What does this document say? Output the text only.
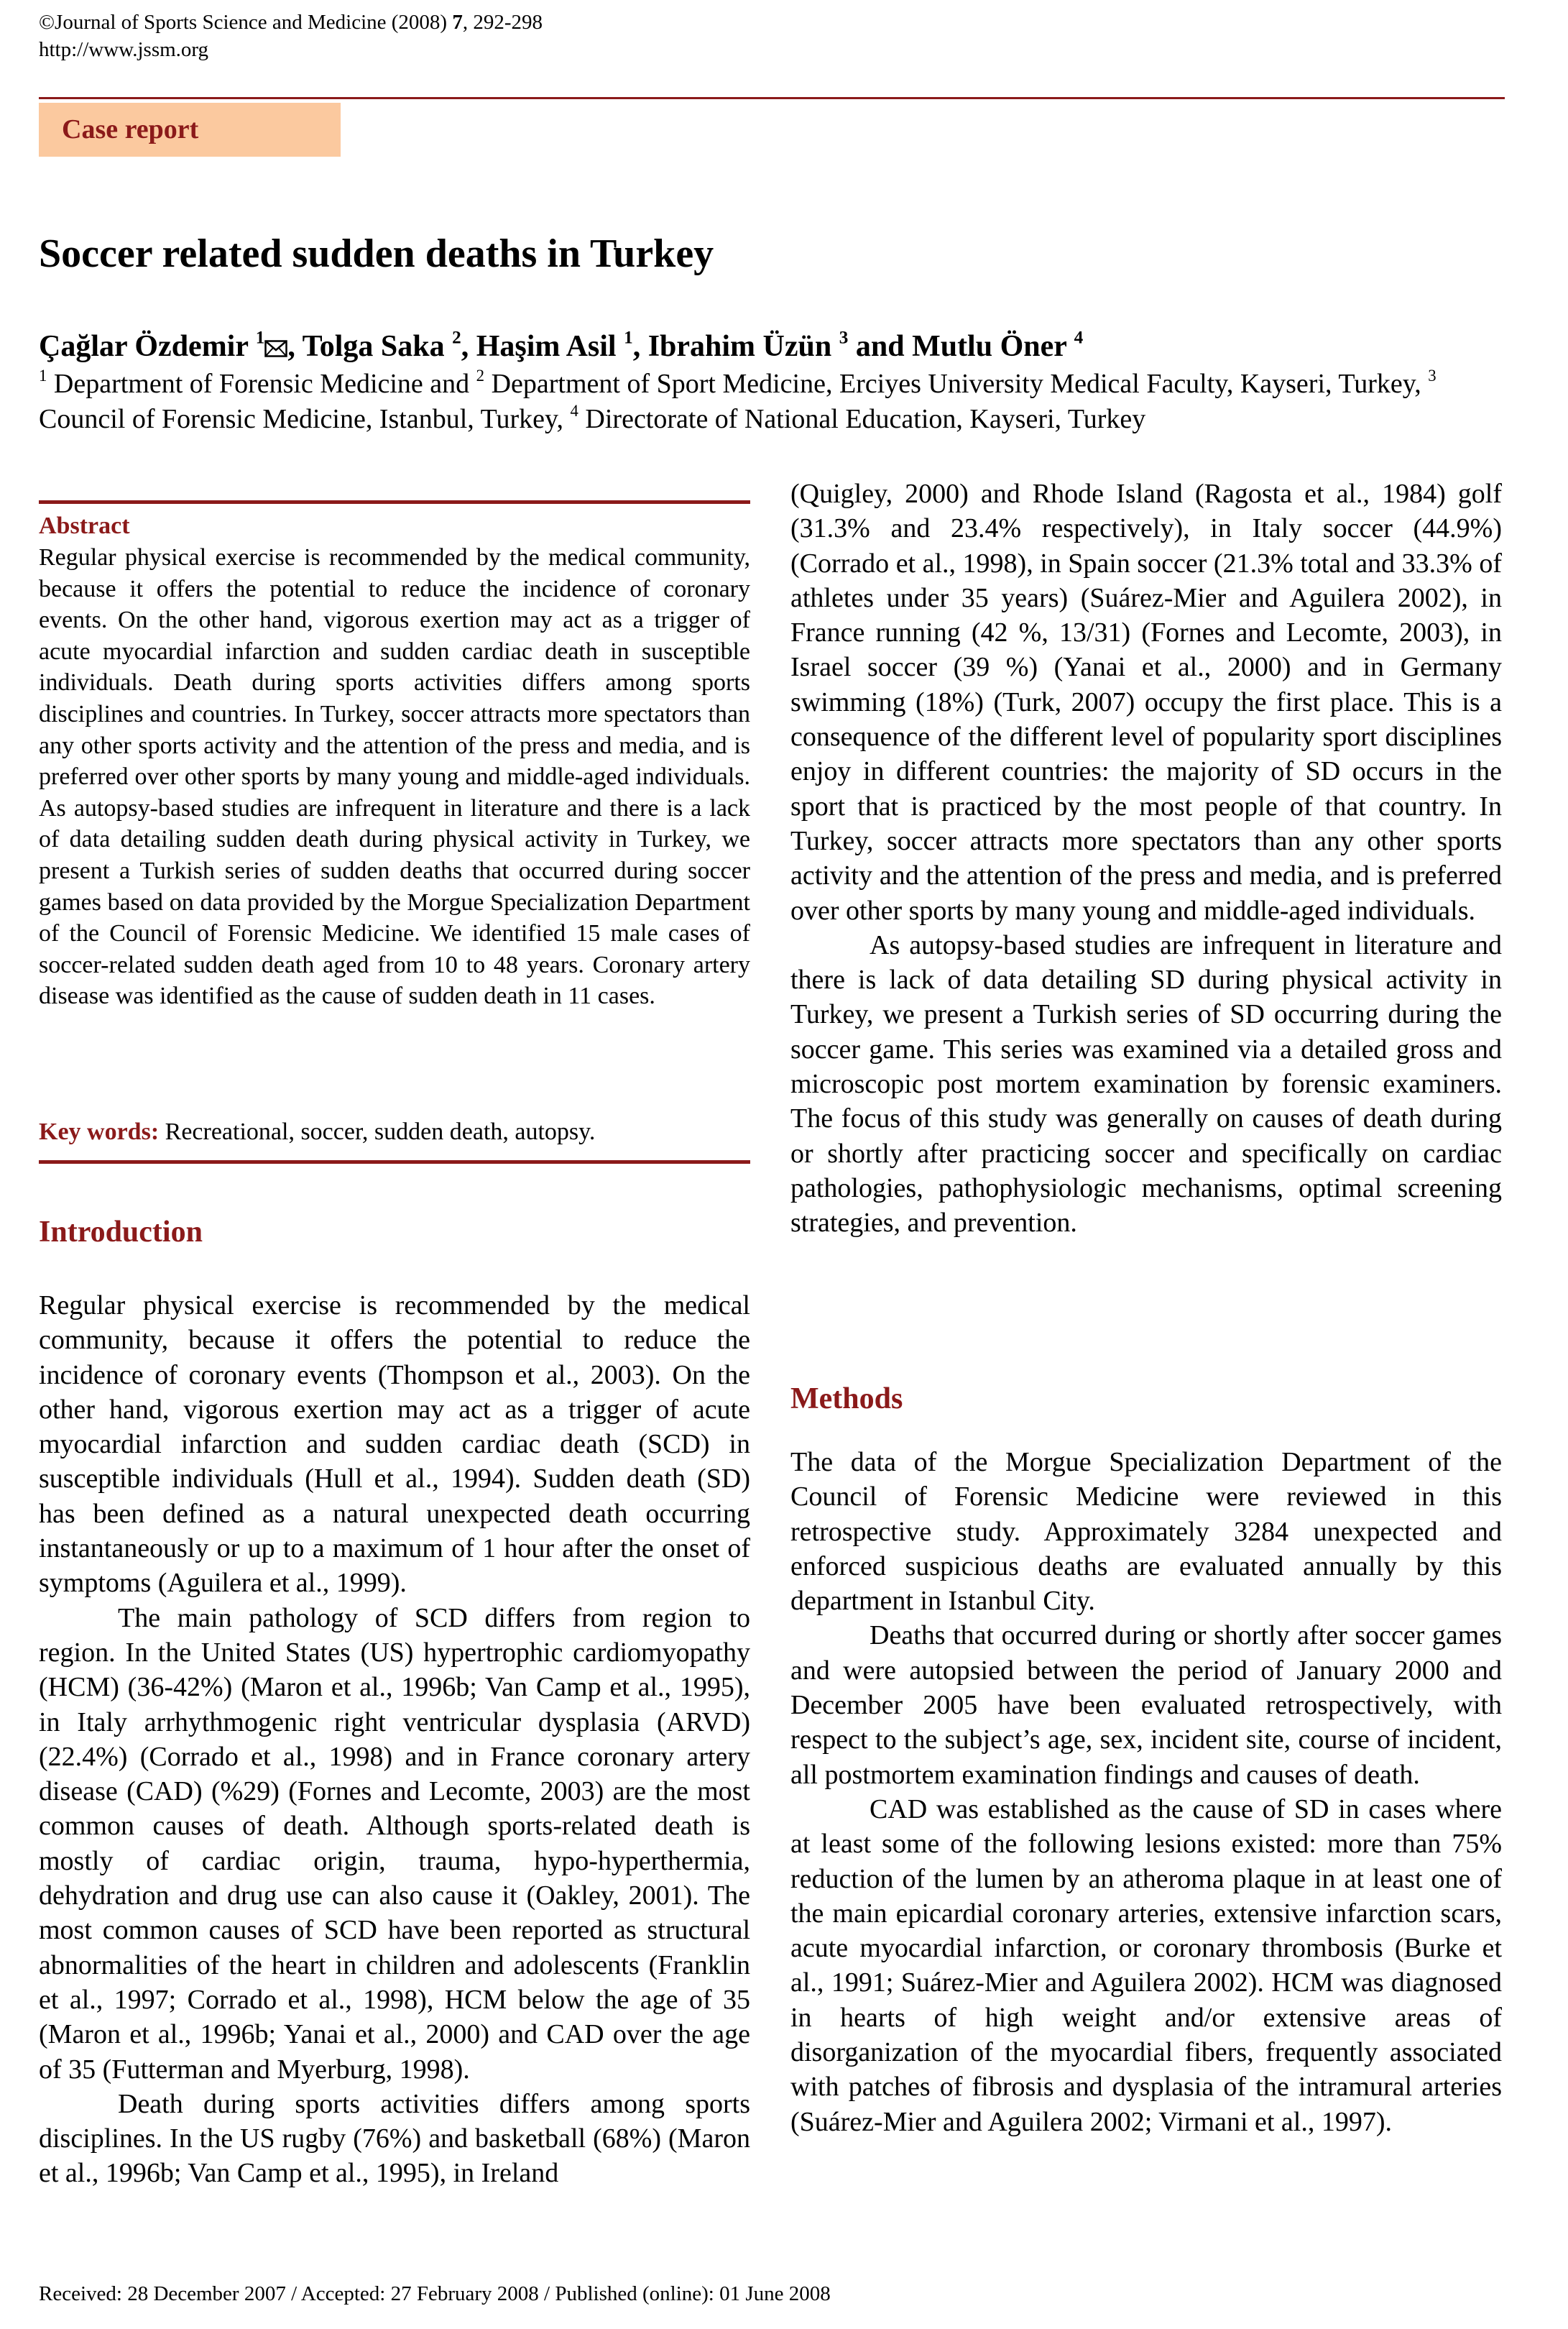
©Journal of Sports Science and Medicine (2008) 7, 292-298
http://www.jssm.org
Case report
Soccer related sudden deaths in Turkey
Çağlar Özdemir $^1$ , Tolga Saka $^2$, Haşim Asil $^1$, Ibrahim Üzün $^3$ and Mutlu Öner $^4$
$^1$ Department of Forensic Medicine and $^2$ Department of Sport Medicine, Erciyes University Medical Faculty, Kayseri, Turkey, $^3$ Council of Forensic Medicine, Istanbul, Turkey, $^4$ Directorate of National Education, Kayseri, Turkey
Abstract
Regular physical exercise is recommended by the medical community, because it offers the potential to reduce the incidence of coronary events. On the other hand, vigorous exertion may act as a trigger of acute myocardial infarction and sudden cardiac death in susceptible individuals. Death during sports activities differs among sports disciplines and countries. In Turkey, soccer attracts more spectators than any other sports activity and the attention of the press and media, and is preferred over other sports by many young and middle-aged individuals. As autopsy-based studies are infrequent in literature and there is a lack of data detailing sudden death during physical activity in Turkey, we present a Turkish series of sudden deaths that occurred during soccer games based on data provided by the Morgue Specialization Department of the Council of Forensic Medicine. We identified 15 male cases of soccer-related sudden death aged from 10 to 48 years. Coronary artery disease was identified as the cause of sudden death in 11 cases.
Key words: Recreational, soccer, sudden death, autopsy.
Introduction

Regular physical exercise is recommended by the medical community, because it offers the potential to reduce the incidence of coronary events (Thompson et al., 2003). On the other hand, vigorous exertion may act as a trigger of acute myocardial infarction and sudden cardiac death (SCD) in susceptible individuals (Hull et al., 1994). Sudden death (SD) has been defined as a natural unexpected death occurring instantaneously or up to a maximum of 1 hour after the onset of symptoms (Aguilera et al., 1999).

The main pathology of SCD differs from region to region. In the United States (US) hypertrophic cardiomyopathy (HCM) (36-42%) (Maron et al., 1996b; Van Camp et al., 1995), in Italy arrhythmogenic right ventricular dysplasia (ARVD) (22.4%) (Corrado et al., 1998) and in France coronary artery disease (CAD) (%29) (Fornes and Lecomte, 2003) are the most common causes of death. Although sports-related death is mostly of cardiac origin, trauma, hypo-hyperthermia, dehydration and drug use can also cause it (Oakley, 2001). The most common causes of SCD have been reported as structural abnormalities of the heart in children and adolescents (Franklin et al., 1997; Corrado et al., 1998), HCM below the age of 35 (Maron et al., 1996b; Yanai et al., 2000) and CAD over the age of 35 (Futterman and Myerburg, 1998).

Death during sports activities differs among sports disciplines. In the US rugby (76%) and basketball (68%) (Maron et al., 1996b; Van Camp et al., 1995), in Ireland

(Quigley, 2000) and Rhode Island (Ragosta et al., 1984) golf (31.3% and 23.4% respectively), in Italy soccer (44.9%) (Corrado et al., 1998), in Spain soccer (21.3% total and 33.3% of athletes under 35 years) (Suárez-Mier and Aguilera 2002), in France running (42 %, 13/31) (Fornes and Lecomte, 2003), in Israel soccer (39 %) (Yanai et al., 2000) and in Germany swimming (18%) (Turk, 2007) occupy the first place. This is a consequence of the different level of popularity sport disciplines enjoy in different countries: the majority of SD occurs in the sport that is practiced by the most people of that country. In Turkey, soccer attracts more spectators than any other sports activity and the attention of the press and media, and is preferred over other sports by many young and middle-aged individuals.

As autopsy-based studies are infrequent in literature and there is lack of data detailing SD during physical activity in Turkey, we present a Turkish series of SD occurring during the soccer game. This series was examined via a detailed gross and microscopic post mortem examination by forensic examiners. The focus of this study was generally on causes of death during or shortly after practicing soccer and specifically on cardiac pathologies, pathophysiologic mechanisms, optimal screening strategies, and prevention.

Methods

The data of the Morgue Specialization Department of the Council of Forensic Medicine were reviewed in this retrospective study. Approximately 3284 unexpected and enforced suspicious deaths are evaluated annually by this department in Istanbul City.

Deaths that occurred during or shortly after soccer games and were autopsied between the period of January 2000 and December 2005 have been evaluated retrospectively, with respect to the subject’s age, sex, incident site, course of incident, all postmortem examination findings and causes of death.

CAD was established as the cause of SD in cases where at least some of the following lesions existed: more than 75% reduction of the lumen by an atheroma plaque in at least one of the main epicardial coronary arteries, extensive infarction scars, acute myocardial infarction, or coronary thrombosis (Burke et al., 1991; Suárez-Mier and Aguilera 2002). HCM was diagnosed in hearts of high weight and/or extensive areas of disorganization of the myocardial fibers, frequently associated with patches of fibrosis and dysplasia of the intramural arteries (Suárez-Mier and Aguilera 2002; Virmani et al., 1997).

Received: 28 December 2007 / Accepted: 27 February 2008 / Published (online): 01 June 2008
